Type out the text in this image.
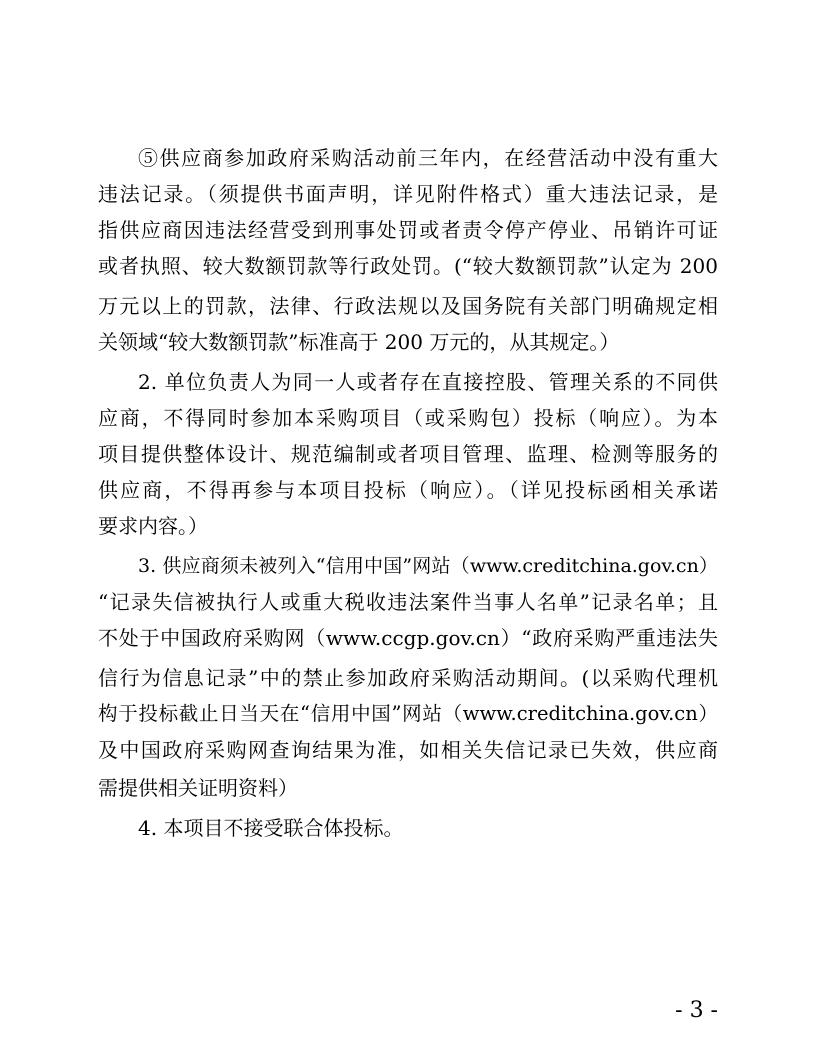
⑤供应商参加政府采购活动前三年内，在经营活动中没有重大
违法记录。（须提供书面声明，详见附件格式）重大违法记录，是
指供应商因违法经营受到刑事处罚或者责令停产停业、吊销许可证
或者执照、较大数额罚款等行政处罚。(“较大数额罚款”认定为 200
万元以上的罚款，法律、行政法规以及国务院有关部门明确规定相
关领域“较大数额罚款”标准高于 200 万元的，从其规定。）
2. 单位负责人为同一人或者存在直接控股、管理关系的不同供
应商，不得同时参加本采购项目（或采购包）投标（响应）。为本
项目提供整体设计、规范编制或者项目管理、监理、检测等服务的
供应商，不得再参与本项目投标（响应）。（详见投标函相关承诺
要求内容。）
3. 供应商须未被列入“信用中国”网站（www.creditchina.gov.cn）
“记录失信被执行人或重大税收违法案件当事人名单”记录名单；且
不处于中国政府采购网（www.ccgp.gov.cn）“政府采购严重违法失
信行为信息记录”中的禁止参加政府采购活动期间。(以采购代理机
构于投标截止日当天在“信用中国”网站（www.creditchina.gov.cn）
及中国政府采购网查询结果为准，如相关失信记录已失效，供应商
需提供相关证明资料）
4. 本项目不接受联合体投标。
- 3 -
